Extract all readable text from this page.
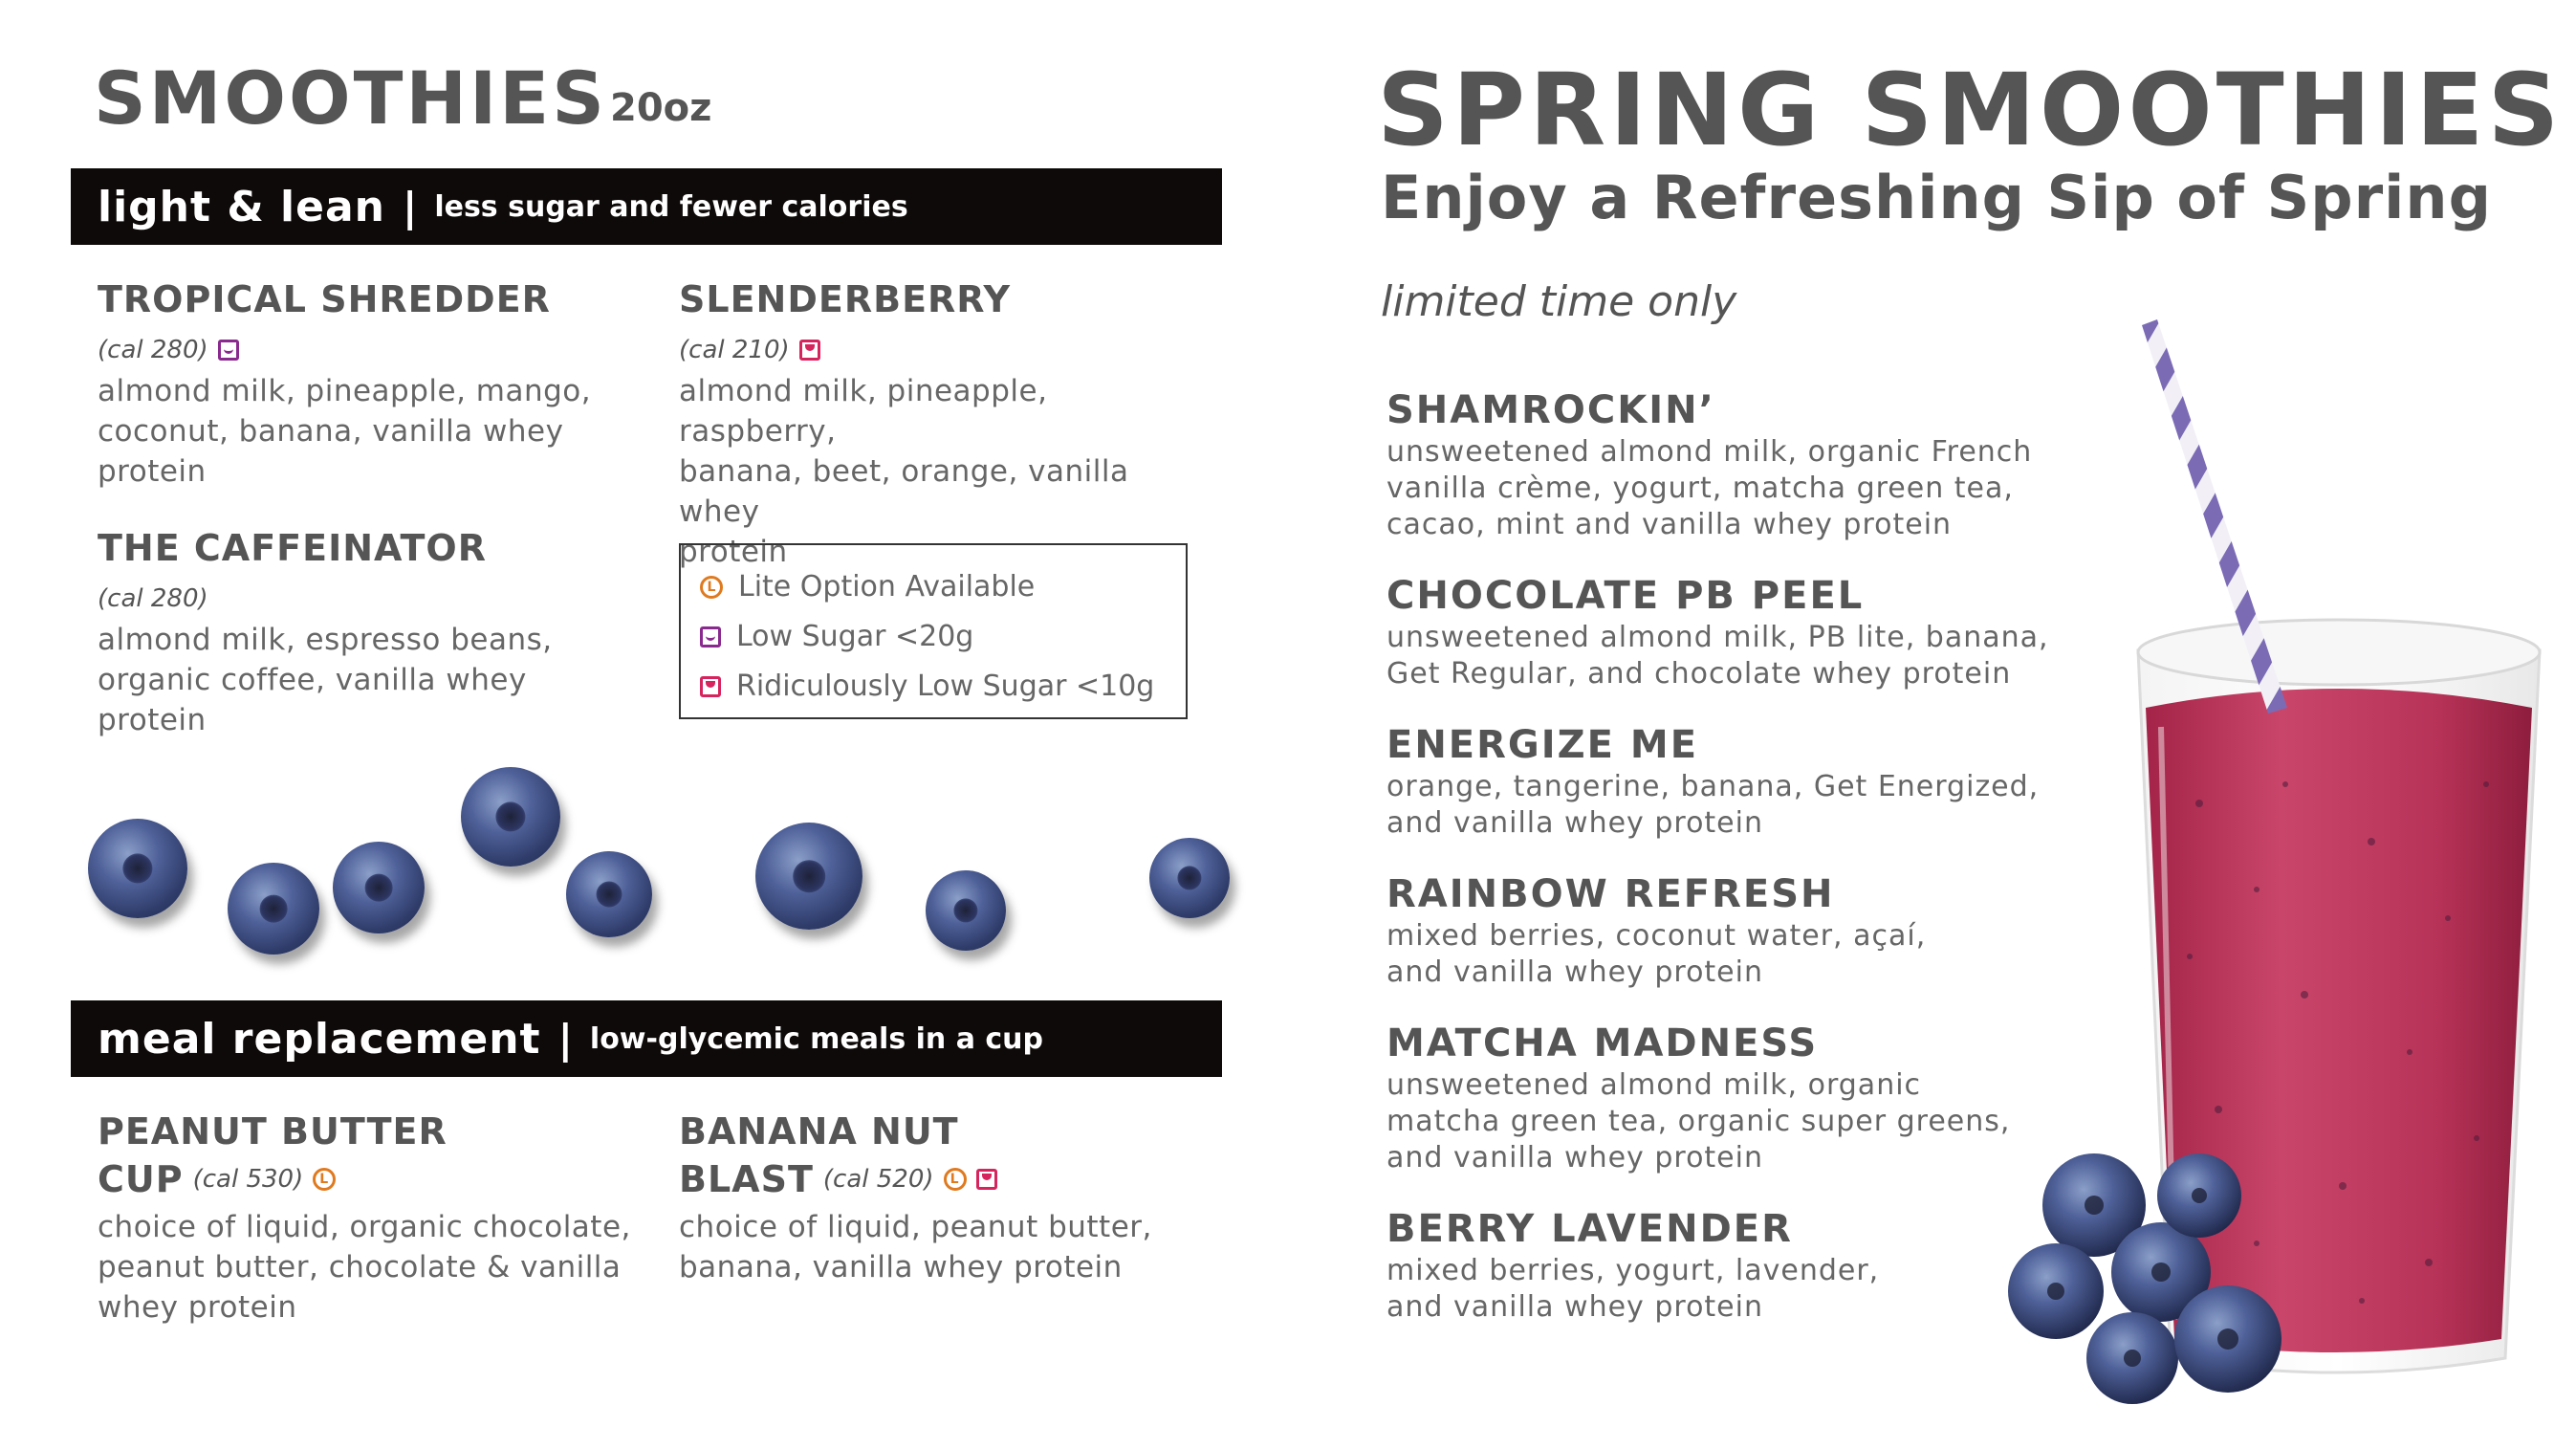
SMOOTHIES 20oz
light & lean | less sugar and fewer calories
TROPICAL SHREDDER
(cal 280)
almond milk, pineapple, mango,
coconut, banana, vanilla whey
protein
SLENDERBERRY
(cal 210)
almond milk, pineapple, raspberry,
banana, beet, orange, vanilla whey
protein
THE CAFFEINATOR
(cal 280)
almond milk, espresso beans,
organic coffee, vanilla whey protein
L Lite Option Available
Low Sugar <20g
Ridiculously Low Sugar <10g
meal replacement | low-glycemic meals in a cup
PEANUT BUTTER
CUP (cal 530)	L
choice of liquid, organic chocolate,
peanut butter, chocolate & vanilla
whey protein
BANANA NUT
BLAST (cal 520)	L
choice of liquid, peanut butter,
banana, vanilla whey protein
SPRING SMOOTHIES
Enjoy a Refreshing Sip of Spring
limited time only
SHAMROCKIN’
unsweetened almond milk, organic French
vanilla crème, yogurt, matcha green tea,
cacao, mint and vanilla whey protein
CHOCOLATE PB PEEL
unsweetened almond milk, PB lite, banana,
Get Regular, and chocolate whey protein
ENERGIZE ME
orange, tangerine, banana, Get Energized,
and vanilla whey protein
RAINBOW REFRESH
mixed berries, coconut water, açaí,
and vanilla whey protein
MATCHA MADNESS
unsweetened almond milk, organic
matcha green tea, organic super greens,
and vanilla whey protein
BERRY LAVENDER
mixed berries, yogurt, lavender,
and vanilla whey protein
